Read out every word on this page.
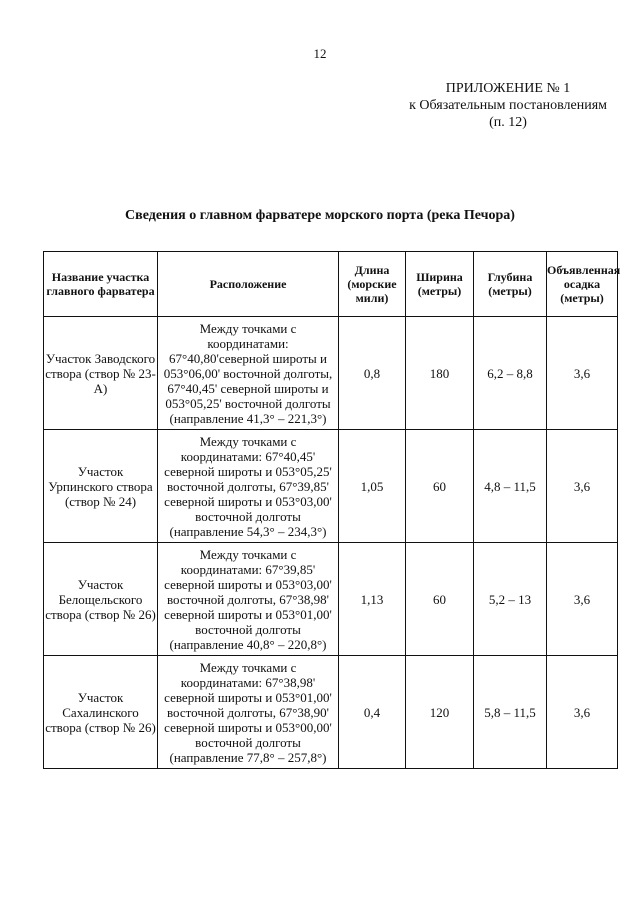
12
ПРИЛОЖЕНИЕ № 1
к Обязательным постановлениям
(п. 12)
Сведения о главном фарватере морского порта (река Печора)
Название участка главного фарватера	Расположение	Длина (морские мили)	Ширина (метры)	Глубина (метры)	Объявленная осадка (метры)
Участок Заводского створа (створ № 23-А)	Между точками с координатами: 67°40,80'северной широты и 053°06,00' восточной долготы, 67°40,45' северной широты и 053°05,25' восточной долготы (направление 41,3° – 221,3°)	0,8	180	6,2 – 8,8	3,6
Участок Урпинского створа (створ № 24)	Между точками с координатами: 67°40,45' северной широты и 053°05,25' восточной долготы, 67°39,85' северной широты и 053°03,00' восточной долготы (направление 54,3° – 234,3°)	1,05	60	4,8 – 11,5	3,6
Участок Белощельского створа (створ № 26)	Между точками с координатами: 67°39,85' северной широты и 053°03,00' восточной долготы, 67°38,98' северной широты и 053°01,00' восточной долготы (направление 40,8° – 220,8°)	1,13	60	5,2 – 13	3,6
Участок Сахалинского створа (створ № 26)	Между точками с координатами: 67°38,98' северной широты и 053°01,00' восточной долготы, 67°38,90' северной широты и 053°00,00' восточной долготы (направление 77,8° – 257,8°)	0,4	120	5,8 – 11,5	3,6
